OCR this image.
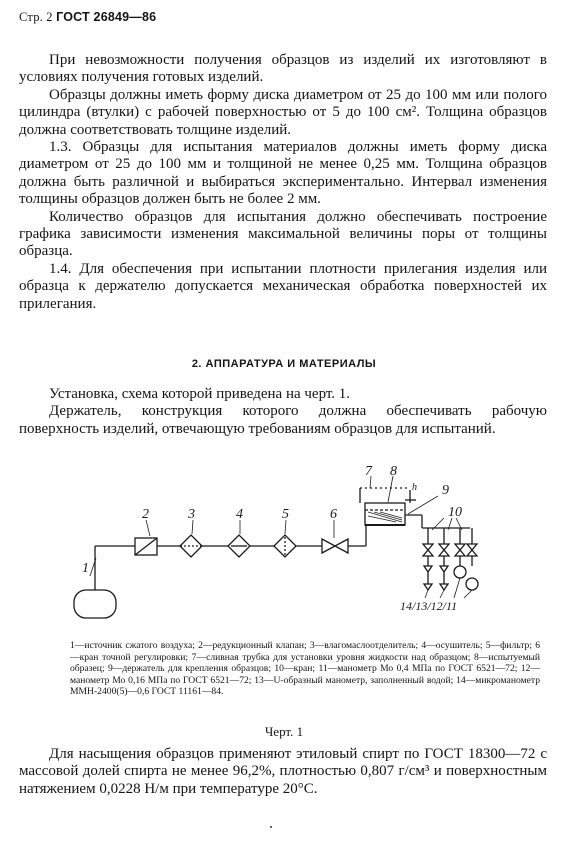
Стр. 2 ГОСТ 26849—86

При невозможности получения образцов из изделий их изготовляют в условиях получения готовых изделий.

Образцы должны иметь форму диска диаметром от 25 до 100 мм или полого цилиндра (втулки) с рабочей поверхностью от 5 до 100 см². Толщина образцов должна соответствовать толщине изделий.

1.3. Образцы для испытания материалов должны иметь форму диска диаметром от 25 до 100 мм и толщиной не менее 0,25 мм. Толщина образцов должна быть различной и выбираться экспериментально. Интервал изменения толщины образцов должен быть не более 2 мм.

Количество образцов для испытания должно обеспечивать построение графика зависимости изменения максимальной величины поры от толщины образца.

1.4. Для обеспечения при испытании плотности прилегания изделия или образца к держателю допускается механическая обработка поверхностей их прилегания.

2. АППАРАТУРА И МАТЕРИАЛЫ

Установка, схема которой приведена на черт. 1.

Держатель, конструкция которого должна обеспечивать рабочую поверхность изделий, отвечающую требованиям образцов для испытаний.

1
2	3	4	5	6
7 8
9
10
h
14/13/12/11
1—источник сжатого воздуха; 2—редукционный клапан; 3—влагомаслоотделитель; 4—осушитель; 5—фильтр; 6—кран точной регулировки; 7—сливная трубка для установки уровня жидкости над образцом; 8—испытуемый образец; 9—держатель для крепления образцов; 10—кран; 11—манометр Мо 0,4 МПа по ГОСТ 6521—72; 12—манометр Мо 0,16 МПа по ГОСТ 6521—72; 13—U-образный манометр, заполненный водой; 14—микроманометр ММН-2400(5)—0,6 ГОСТ 11161—84.
Черт. 1

Для насыщения образцов применяют этиловый спирт по ГОСТ 18300—72 с массовой долей спирта не менее 96,2%, плотностью 0,807 г/см³ и поверхностным натяжением 0,0228 Н/м при температуре 20°С.
